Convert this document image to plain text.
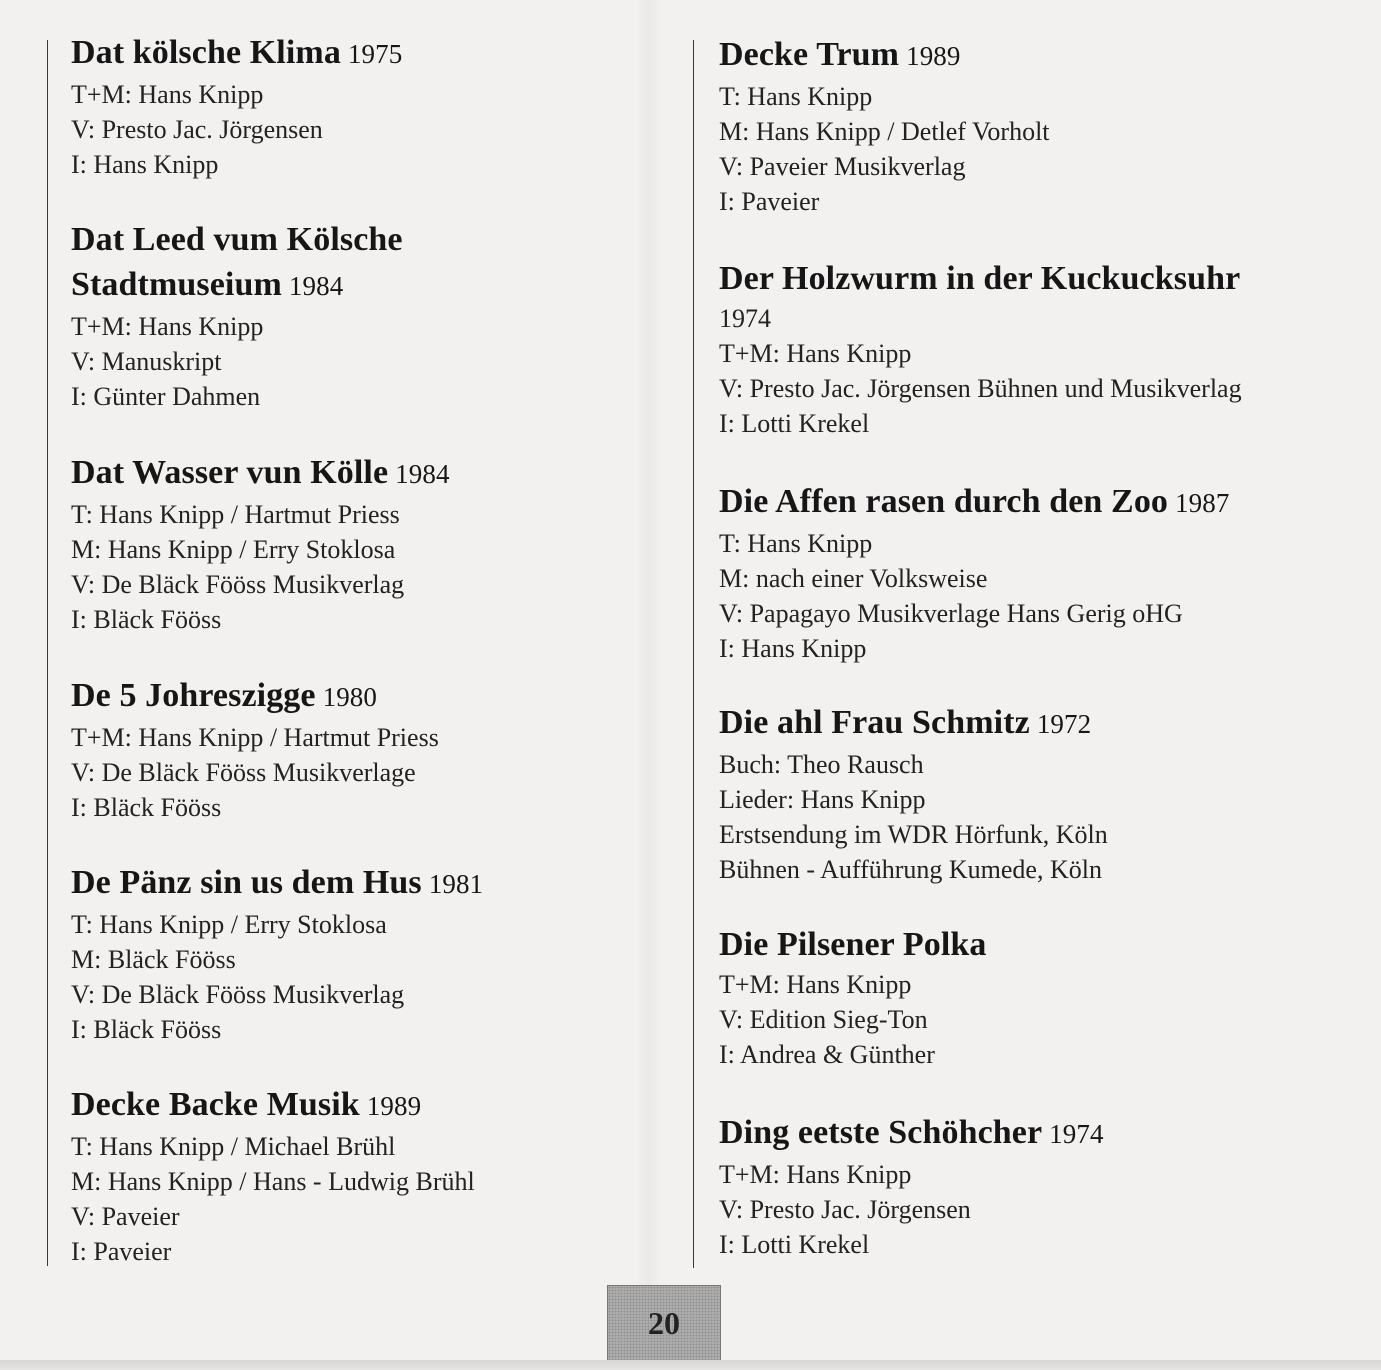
Dat kölsche Klima 1975
T+M: Hans Knipp
V: Presto Jac. Jörgensen
I: Hans Knipp
Dat Leed vum Kölsche
Stadtmuseium 1984
T+M: Hans Knipp
V: Manuskript
I: Günter Dahmen
Dat Wasser vun Kölle 1984
T: Hans Knipp / Hartmut Priess
M: Hans Knipp / Erry Stoklosa
V: De Bläck Fööss Musikverlag
I: Bläck Fööss
De 5 Johreszigge 1980
T+M: Hans Knipp / Hartmut Priess
V: De Bläck Fööss Musikverlage
I: Bläck Fööss
De Pänz sin us dem Hus 1981
T: Hans Knipp / Erry Stoklosa
M: Bläck Fööss
V: De Bläck Fööss Musikverlag
I: Bläck Fööss
Decke Backe Musik 1989
T: Hans Knipp / Michael Brühl
M: Hans Knipp / Hans - Ludwig Brühl
V: Paveier
I: Paveier
Decke Trum 1989
T: Hans Knipp
M: Hans Knipp / Detlef Vorholt
V: Paveier Musikverlag
I: Paveier
Der Holzwurm in der Kuckucksuhr
1974
T+M: Hans Knipp
V: Presto Jac. Jörgensen Bühnen und Musikverlag
I: Lotti Krekel
Die Affen rasen durch den Zoo 1987
T: Hans Knipp
M: nach einer Volksweise
V: Papagayo Musikverlage Hans Gerig oHG
I: Hans Knipp
Die ahl Frau Schmitz 1972
Buch: Theo Rausch
Lieder: Hans Knipp
Erstsendung im WDR Hörfunk, Köln
Bühnen - Aufführung Kumede, Köln
Die Pilsener Polka
T+M: Hans Knipp
V: Edition Sieg-Ton
I: Andrea & Günther
Ding eetste Schöhcher 1974
T+M: Hans Knipp
V: Presto Jac. Jörgensen
I: Lotti Krekel
20
